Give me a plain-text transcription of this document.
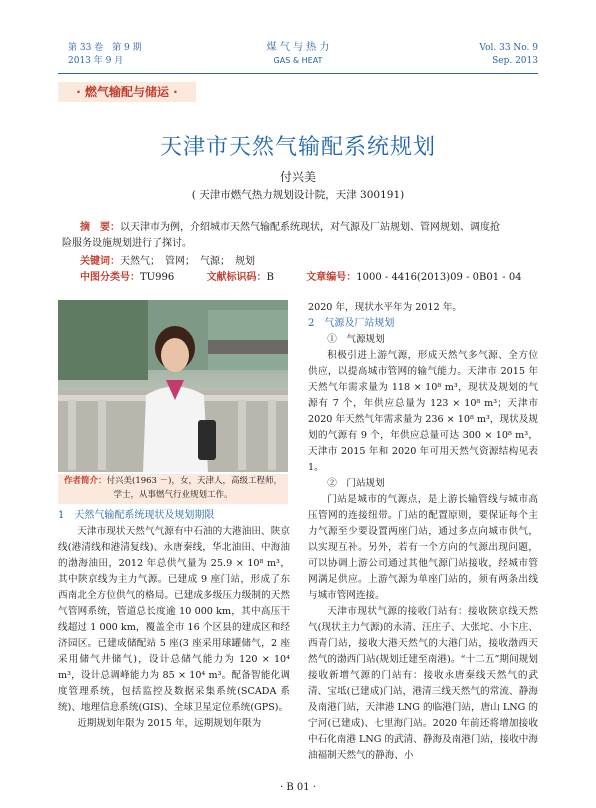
第 33 卷　第 9 期
2013 年 9 月
煤 气 与 热 力
GAS & HEAT
Vol. 33 No. 9
Sep. 2013
· 燃气输配与储运 ·
天津市天然气输配系统规划
付兴美
( 天津市燃气热力规划设计院，天津 300191)
摘　要：以天津市为例，介绍城市天然气输配系统现状，对气源及厂站规划、管网规划、调度抢险服务设施规划进行了探讨。
关键词：天然气；　管网；　气源；　规划
中图分类号：TU996	文献标识码：B	文章编号：1000 - 4416(2013)09 - 0B01 - 04
作者简介：付兴美(1963 －)，女，天津人，高级工程师，
学士，从事燃气行业规划工作。
1　天然气输配系统现状及规划期限

天津市现状天然气气源有中石油的大港油田、陕京线(港清线和港清复线)、永唐秦线，华北油田、中海油的渤海油田，2012 年总供气量为 25.9 × 10⁸ m³，其中陕京线为主力气源。已建成 9 座门站，形成了东西南北全方位供气的格局。已建成多级压力级制的天然气管网系统，管道总长度逾 10 000 km，其中高压干线超过 1 000 km，覆盖全市 16 个区县的建成区和经济园区。已建成储配站 5 座(3 座采用球罐储气，2 座采用储气井储气)，设计总储气能力为 120 × 10⁴ m³，设计总调峰能力为 85 × 10⁴ m³。配备智能化调度管理系统，包括监控及数据采集系统(SCADA 系统)、地理信息系统(GIS)、全球卫星定位系统(GPS)。

近期规划年限为 2015 年，远期规划年限为

2020 年，现状水平年为 2012 年。

2　气源及厂站规划
①　气源规划

积极引进上游气源，形成天然气多气源、全方位供应，以提高城市管网的输气能力。天津市 2015 年天然气年需求量为 118 × 10⁸ m³，现状及规划的气源有 7 个，年供应总量为 123 × 10⁸ m³；天津市 2020 年天然气年需求量为 236 × 10⁸ m³，现状及规划的气源有 9 个，年供应总量可达 300 × 10⁸ m³，天津市 2015 年和 2020 年可用天然气资源结构见表 1。

②　门站规划

门站是城市的气源点，是上游长输管线与城市高压管网的连接纽带。门站的配置原则，要保证每个主力气源至少要设置两座门站，通过多点向城市供气，以实现互补。另外，若有一个方向的气源出现问题，可以协调上游公司通过其他气源门站接收，经城市管网满足供应。上游气源为单座门站的，须有两条出线与城市管网连接。

天津市现状气源的接收门站有：接收陕京线天然气(现状主力气源)的永清、汪庄子、大张坨、小卞庄、西青门站，接收大港天然气的大港门站，接收渤西天然气的渤西门站(规划迁建至南港)。“十二五”期间规划接收新增气源的门站有：接收永唐秦线天然气的武清、宝坻(已建成)门站，港清三线天然气的常流、静海及南港门站，天津港 LNG 的临港门站，唐山 LNG 的宁河(已建成)、七里海门站。2020 年前还将增加接收中石化南港 LNG 的武清、静海及南港门站，接收中海油福制天然气的静海、小

· B 01 ·
